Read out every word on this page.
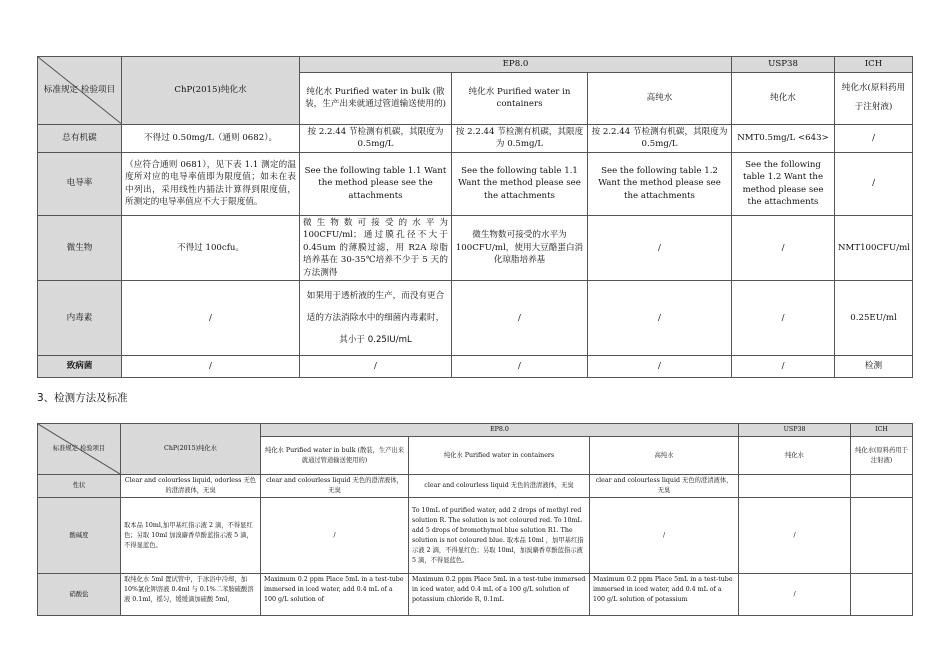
标准规定 检验项目	ChP(2015)纯化水	EP8.0			USP38	ICH
		纯化水 Purified water in bulk (散装，生产出来就通过管道输送使用的)	纯化水 Purified water in containers	高纯水	纯化水	纯化水(原料药用于注射液)
总有机碳	不得过 0.50mg/L（通则 0682）。	按 2.2.44 节检测有机碳，其限度为 0.5mg/L	按 2.2.44 节检测有机碳，其限度为 0.5mg/L	按 2.2.44 节检测有机碳，其限度为 0.5mg/L	NMT0.5mg/L <643>	/
电导率	（应符合通则 0681），见下表 1.1 测定的温度所对应的电导率值即为限度值；如未在表中列出，采用线性内插法计算得到限度值，所测定的电导率值应不大于限度值。	See the following table 1.1 Want the method please see the attachments	See the following table 1.1 Want the method please see the attachments	See the following table 1.2 Want the method please see the attachments	See the following table 1.2 Want the method please see the attachments	/
微生物	不得过 100cfu。	微生物数可接受的水平为 100CFU/ml；通过膜孔径不大于 0.45um 的薄膜过滤，用 R2A 琼脂培养基在 30-35℃培养不少于 5 天的方法测得	微生物数可接受的水平为 100CFU/ml，使用大豆酪蛋白消化琼脂培养基	/	/	NMT100CFU/ml
内毒素	/	如果用于透析液的生产，而没有更合适的方法消除水中的细菌内毒素时，其小于 0.25IU/mL	/	/	/	0.25EU/ml
致病菌	/	/	/	/	/	检测
3、检测方法及标准
标准规定 检验项目	ChP(2015)纯化水	EP8.0			USP38	ICH
		纯化水 Purified water in bulk (散装，生产出来就通过管道输送使用的)	纯化水 Purified water in containers	高纯水	纯化水	纯化水(原料药用于注射液)
性状	Clear and colourless liquid, odorless 无色的澄清液体，无臭	clear and colourless liquid 无色的澄清液体，无臭	clear and colourless liquid 无色的澄清液体，无臭	clear and colourless liquid 无色的澄清液体，无臭		
酸碱度	取本品 10ml,加甲基红指示液 2 滴，不得显红色；另取 10ml 加溴麝香草酚蓝指示液 5 滴，不得显蓝色。	/	To 10mL of purified water, add 2 drops of methyl red solution R. The solution is not coloured red. To 10mL add 5 drops of bromothymol blue solution R1. The solution is not coloured blue. 取本品 10ml ，加甲基红指示液 2 滴，不得显红色；另取 10ml，加溴麝香草酚蓝指示液 5 滴，不得显蓝色。	/	/	
硝酸盐	取纯化水 5ml 置试管中，于冰浴中冷却，加 10%氯化钾溶液 0.4ml 与 0.1%二苯胺硫酸溶液 0.1ml，摇匀，缓缓滴加硫酸 5ml，	Maximum 0.2 ppm Place 5mL in a test-tube immersed in iced water, add 0.4 mL of a 100 g/L solution of	Maximum 0.2 ppm Place 5mL in a test-tube immersed in iced water, add 0.4 mL of a 100 g/L solution of potassium chloride R, 0.1mL	Maximum 0.2 ppm Place 5mL in a test-tube immersed in iced water, add 0.4 mL of a 100 g/L solution of potassium	/	
